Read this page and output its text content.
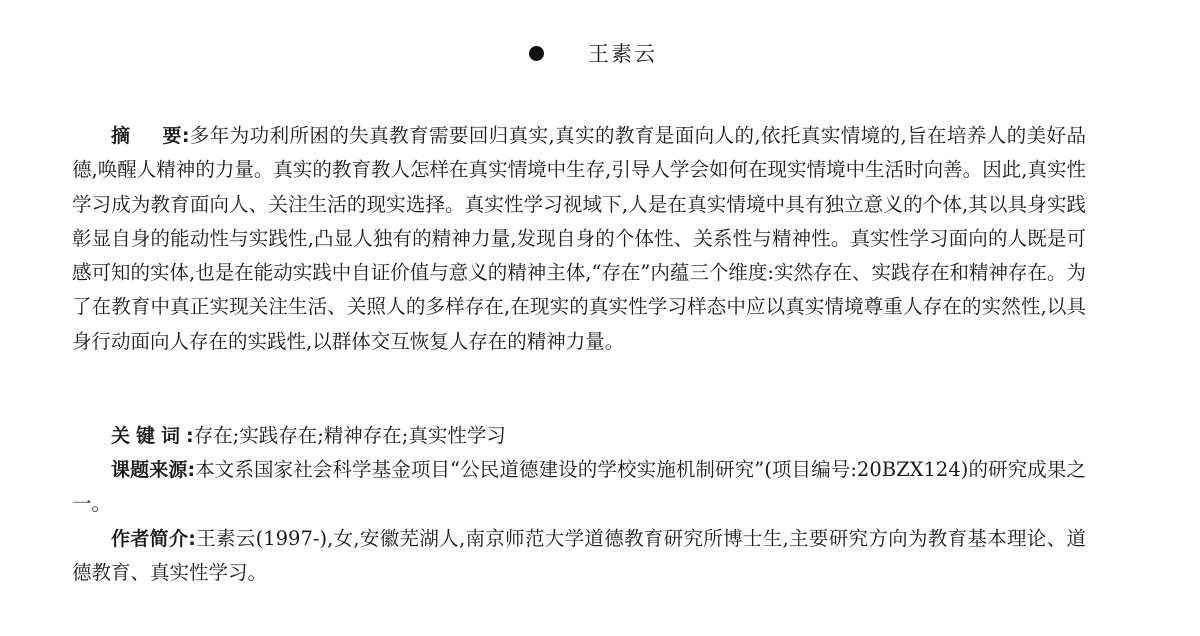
王素云

摘 要:多年为功利所困的失真教育需要回归真实,真实的教育是面向人的,依托真实情境的,旨在培养人的美好品德,唤醒人精神的力量。真实的教育教人怎样在真实情境中生存,引导人学会如何在现实情境中生活时向善。因此,真实性学习成为教育面向人、关注生活的现实选择。真实性学习视域下,人是在真实情境中具有独立意义的个体,其以具身实践彰显自身的能动性与实践性,凸显人独有的精神力量,发现自身的个体性、关系性与精神性。真实性学习面向的人既是可感可知的实体,也是在能动实践中自证价值与意义的精神主体,“存在”内蕴三个维度:实然存在、实践存在和精神存在。为了在教育中真正实现关注生活、关照人的多样存在,在现实的真实性学习样态中应以真实情境尊重人存在的实然性,以具身行动面向人存在的实践性,以群体交互恢复人存在的精神力量。

关键词:存在;实践存在;精神存在;真实性学习

课题来源:本文系国家社会科学基金项目“公民道德建设的学校实施机制研究”(项目编号:20BZX124)的研究成果之一。

作者简介:王素云(1997-),女,安徽芜湖人,南京师范大学道德教育研究所博士生,主要研究方向为教育基本理论、道德教育、真实性学习。
